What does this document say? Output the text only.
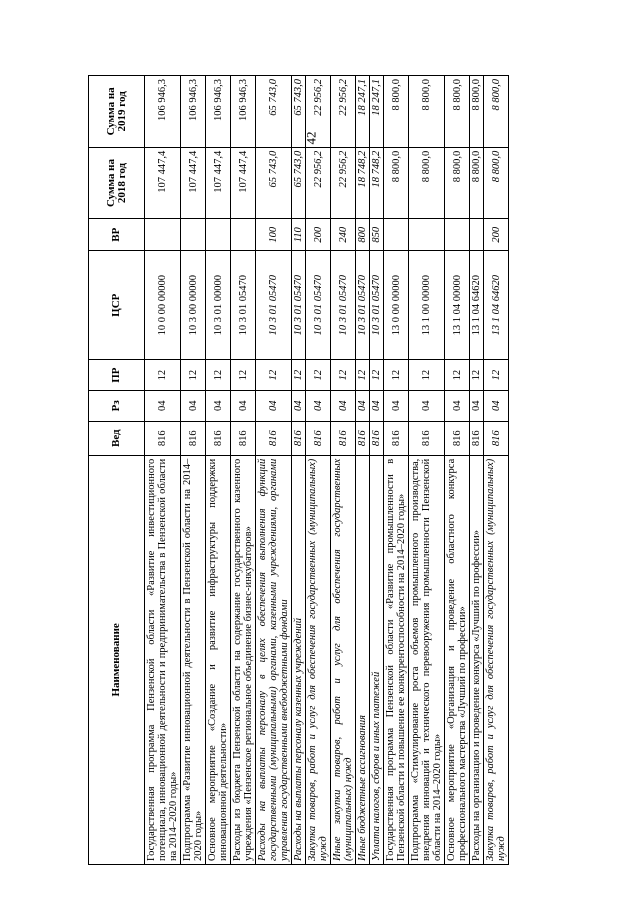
42
Наименование	Вед	Рз	ПР	ЦСР	ВР	Сумма на 2018 год	Сумма на 2019 год
Государственная программа Пензенской области «Развитие инвестиционного потенциала, инновационной деятельности и предпринимательства в Пензенской области на 2014–2020 годы»	816	04	12	10 0 00 00000		107 447,4	106 946,3
Подпрограмма «Развитие инновационной деятельности в Пензенской области на 2014–2020 годы»	816	04	12	10 3 00 00000		107 447,4	106 946,3
Основное мероприятие «Создание и развитие инфраструктуры поддержки инновационной деятельности»	816	04	12	10 3 01 00000		107 447,4	106 946,3
Расходы из бюджета Пензенской области на содержание государственного казенного учреждения «Пензенское региональное объединение бизнес-инкубаторов»	816	04	12	10 3 01 05470		107 447,4	106 946,3
Расходы на выплаты персоналу в целях обеспечения выполнения функций государственными (муниципальными) органами, казенными учреждениями, органами управления государственными внебюджетными фондами	816	04	12	10 3 01 05470	100	65 743,0	65 743,0
Расходы на выплаты персоналу казенных учреждений	816	04	12	10 3 01 05470	110	65 743,0	65 743,0
Закупка товаров, работ и услуг для обеспечения государственных (муниципальных) нужд	816	04	12	10 3 01 05470	200	22 956,2	22 956,2
Иные закупки товаров, работ и услуг для обеспечения государственных (муниципальных) нужд	816	04	12	10 3 01 05470	240	22 956,2	22 956,2
Иные бюджетные ассигнования	816	04	12	10 3 01 05470	800	18 748,2	18 247,1
Уплата налогов, сборов и иных платежей	816	04	12	10 3 01 05470	850	18 748,2	18 247,1
Государственная программа Пензенской области «Развитие промышленности в Пензенской области и повышение ее конкурентоспособности на 2014–2020 годы»	816	04	12	13 0 00 00000		8 800,0	8 800,0
Подпрограмма «Стимулирование роста объемов промышленного производства, внедрения инноваций и технического перевооружения промышленности Пензенской области на 2014–2020 годы»	816	04	12	13 1 00 00000		8 800,0	8 800,0
Основное мероприятие «Организация и проведение областного конкурса профессионального мастерства «Лучший по профессии»	816	04	12	13 1 04 00000		8 800,0	8 800,0
Расходы на организацию и проведение конкурса «Лучший по профессии»	816	04	12	13 1 04 64620		8 800,0	8 800,0
Закупка товаров, работ и услуг для обеспечения государственных (муниципальных) нужд	816	04	12	13 1 04 64620	200	8 800,0	8 800,0
